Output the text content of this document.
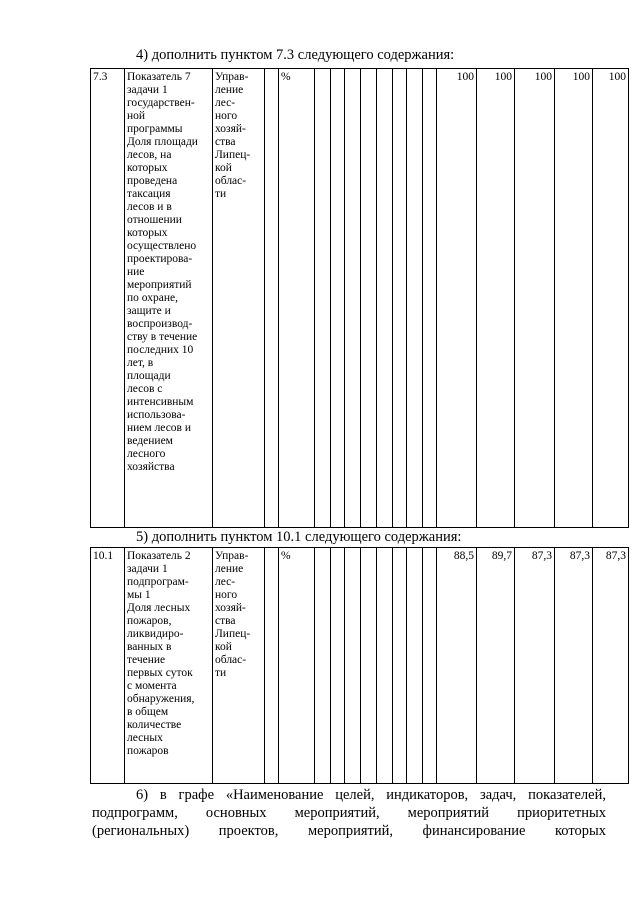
4) дополнить пунктом 7.3 следующего содержания:

7.3	Показатель 7
задачи 1
государствен-
ной
программы
Доля площади
лесов, на
которых
проведена
таксация
лесов и в
отношении
которых
осуществлено
проектирова-
ние
мероприятий
по охране,
защите и
воспроизвод-
ству в течение
последних 10
лет, в
площади
лесов с
интенсивным
использова-
нием лесов и
ведением
лесного
хозяйства	Управ-
ление
лес-
ного
хозяй-
ства
Липец-
кой
облас-
ти		%									100	100	100	100	100

5) дополнить пунктом 10.1 следующего содержания:

10.1	Показатель 2
задачи 1
подпрограм-
мы 1
Доля лесных
пожаров,
ликвидиро-
ванных в
течение
первых суток
с момента
обнаружения,
в общем
количестве
лесных
пожаров	Управ-
ление
лес-
ного
хозяй-
ства
Липец-
кой
облас-
ти		%									88,5	89,7	87,3	87,3	87,3
6) в графе «Наименование целей, индикаторов, задач, показателей,
подпрограмм, основных мероприятий, мероприятий приоритетных
(региональных) проектов, мероприятий, финансирование которых
